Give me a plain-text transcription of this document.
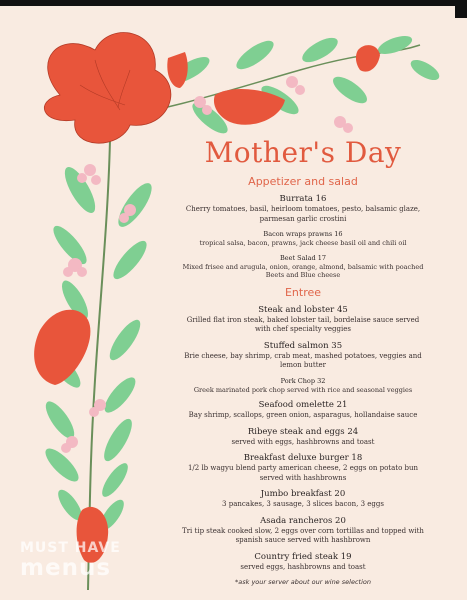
Mother's Day
Appetizer and salad
Burrata 16
Cherry tomatoes, basil, heirloom tomatoes, pesto, balsamic glaze, parmesan garlic crostini
Bacon wraps prawns 16
tropical salsa, bacon, prawns, jack cheese basil oil and chili oil
Beet Salad 17
Mixed frisee and arugula, onion, orange, almond, balsamic with poached Beets and Blue cheese
Entree
Steak and lobster 45
Grilled flat iron steak, baked lobster tail, bordelaise sauce served with chef specialty veggies
Stuffed salmon 35
Brie cheese, bay shrimp, crab meat, mashed potatoes, veggies and lemon butter
Pork Chop 32
Greek marinated pork chop served with rice and seasonal veggies
Seafood omelette 21
Bay shrimp, scallops, green onion, asparagus, hollandaise sauce
Ribeye steak and eggs 24
served with eggs, hashbrowns and toast
Breakfast deluxe burger 18
1/2 lb wagyu blend party american cheese, 2 eggs on potato bun served with hashbrowns
Jumbo breakfast 20
3 pancakes, 3 sausage, 3 slices bacon, 3 eggs
Asada rancheros 20
Tri tip steak cooked slow, 2 eggs over corn tortillas and topped with spanish sauce served with hashbrown
Country fried steak 19
served eggs, hashbrowns and toast
*ask your server about our wine selection
MUST HAVE
menus
